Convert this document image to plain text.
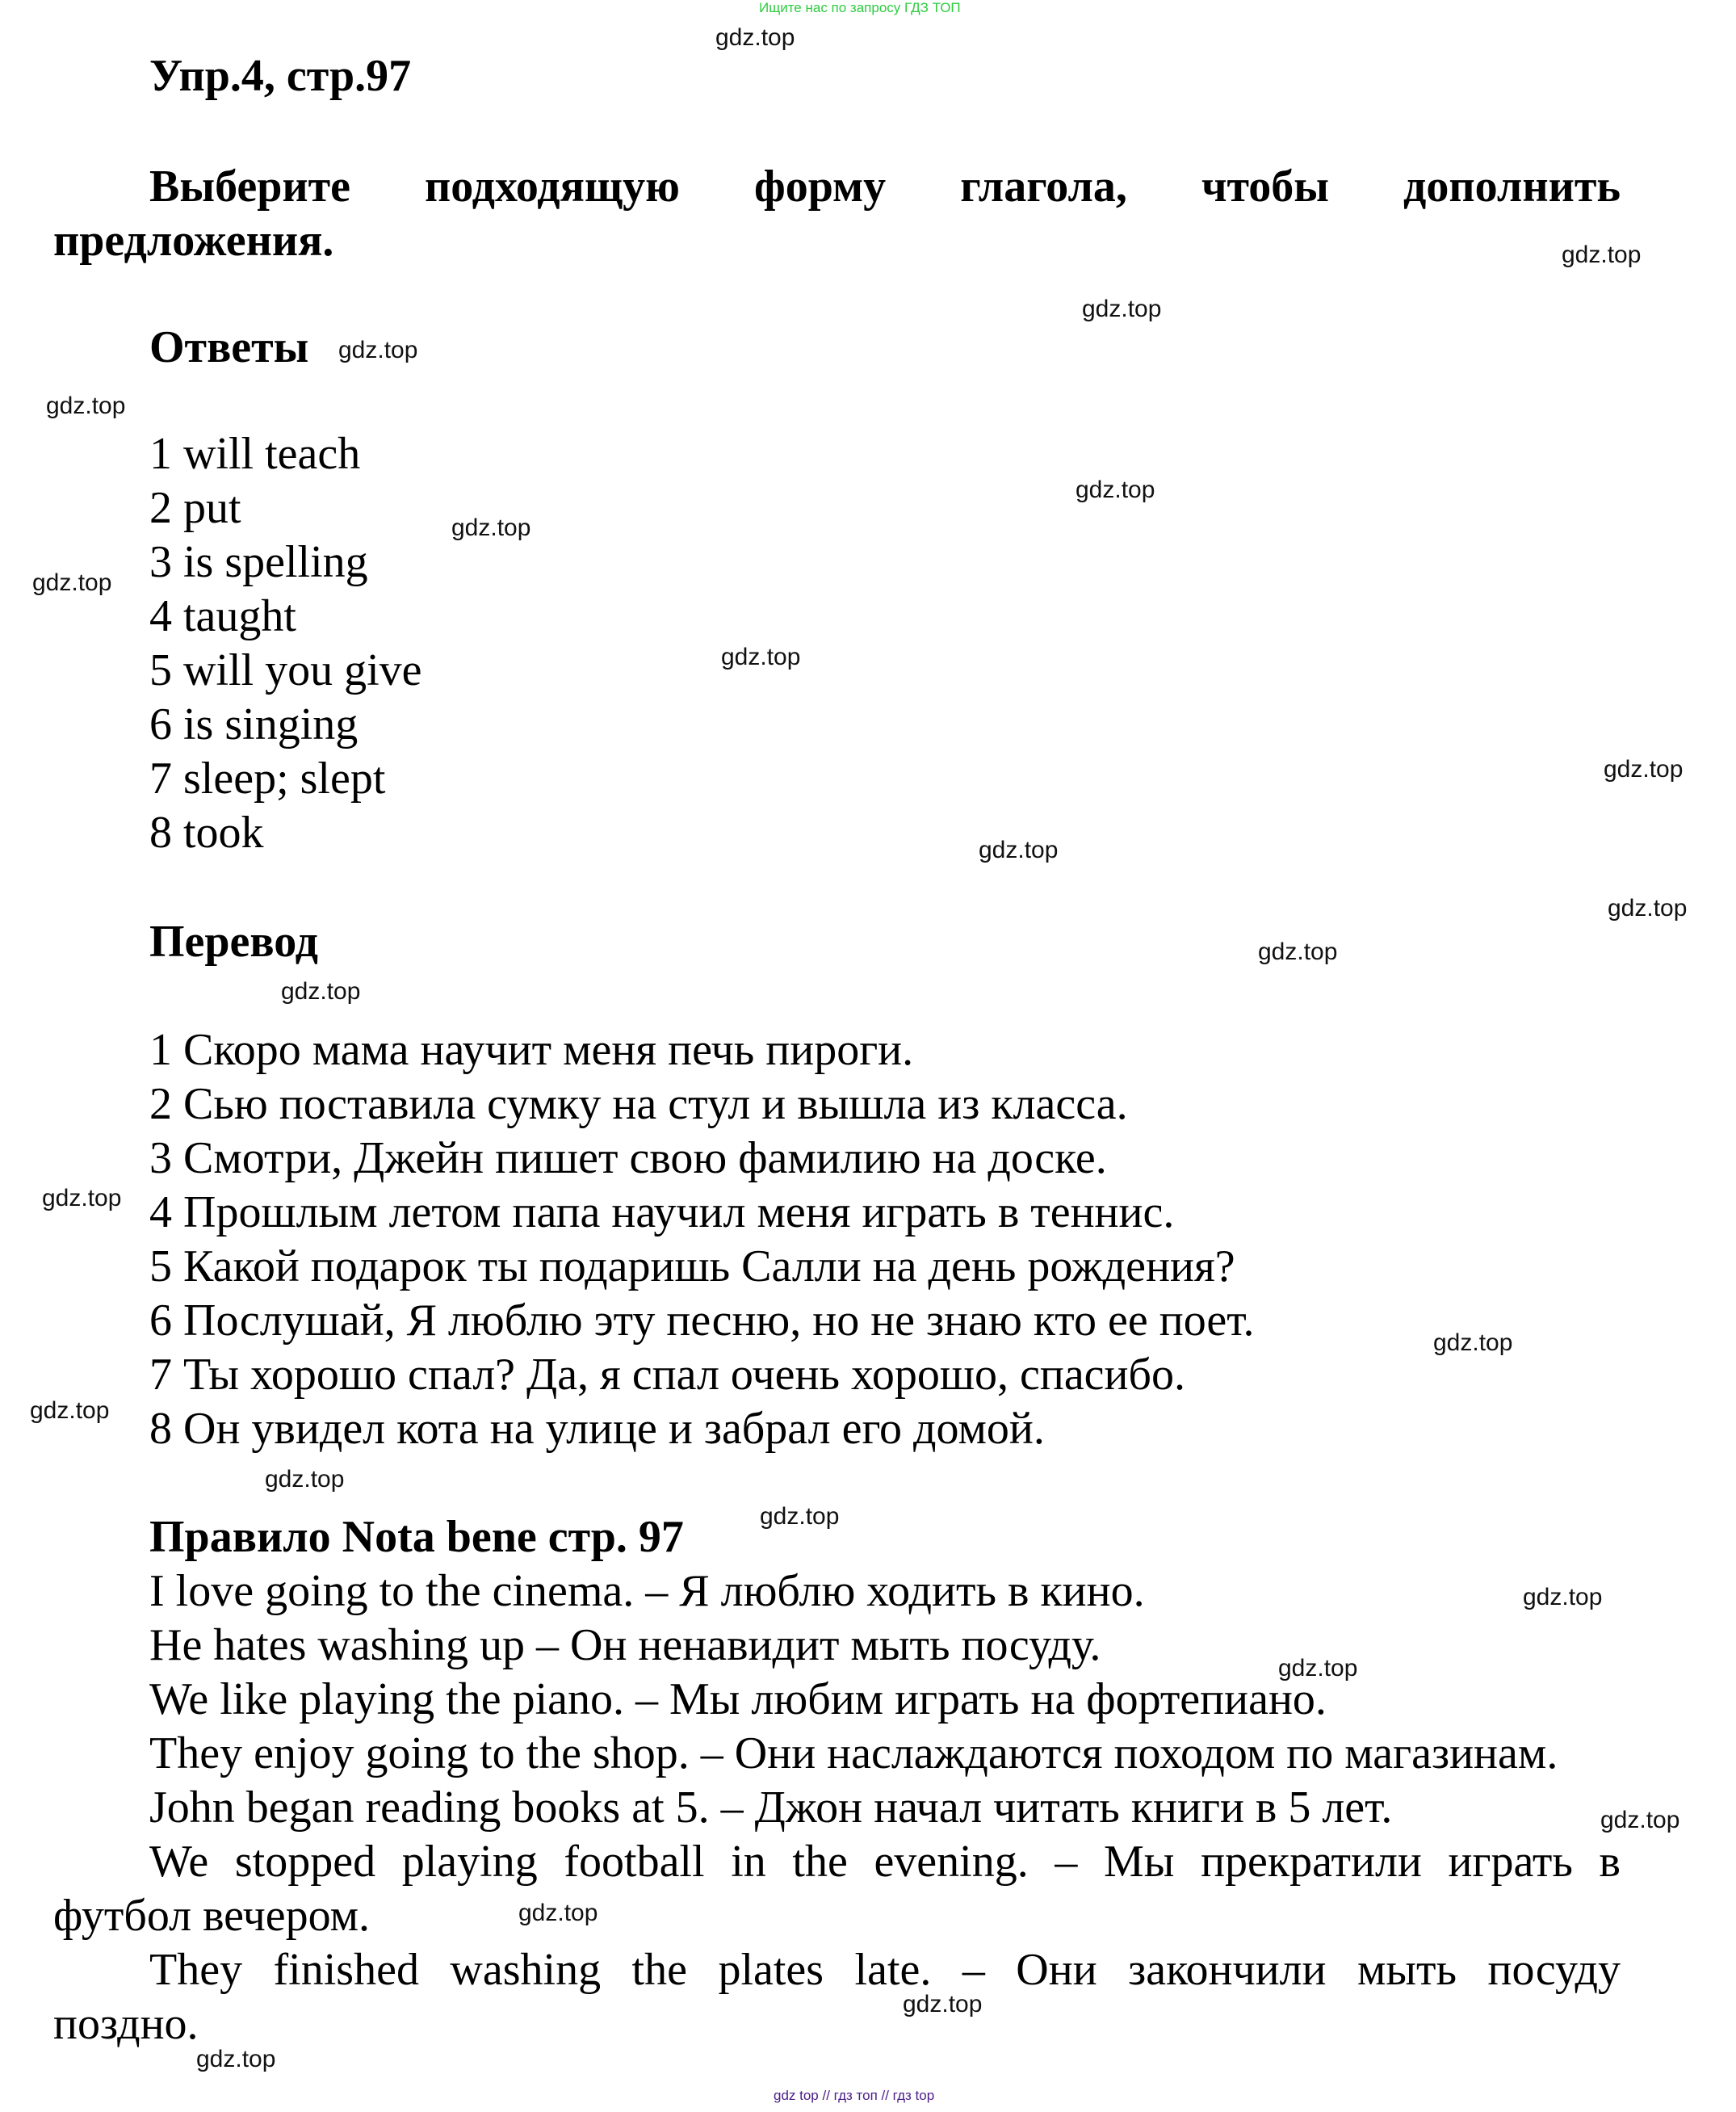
Ищите нас по запросу ГДЗ ТОП
gdz top // гдз топ // гдз top
Упр.4, стр.97
Выберите подходящую форму глагола, чтобы дополнить
предложения.
Ответы
1 will teach
2 put
3 is spelling
4 taught
5 will you give
6 is singing
7 sleep; slept
8 took
Перевод
1 Скоро мама научит меня печь пироги.
2 Сью поставила сумку на стул и вышла из класса.
3 Смотри, Джейн пишет свою фамилию на доске.
4 Прошлым летом папа научил меня играть в теннис.
5 Какой подарок ты подаришь Салли на день рождения?
6 Послушай, Я люблю эту песню, но не знаю кто ее поет.
7 Ты хорошо спал? Да, я спал очень хорошо, спасибо.
8 Он увидел кота на улице и забрал его домой.
Правило Nota bene стр. 97
I love going to the cinema. – Я люблю ходить в кино.
He hates washing up – Он ненавидит мыть посуду.
We like playing the piano. – Мы любим играть на фортепиано.
They enjoy going to the shop. – Они наслаждаются походом по магазинам.
John began reading books at 5. – Джон начал читать книги в 5 лет.
We stopped playing football in the evening. – Мы прекратили играть в
футбол вечером.
They finished washing the plates late. – Они закончили мыть посуду
поздно.
gdz.top
gdz.top
gdz.top
gdz.top
gdz.top
gdz.top
gdz.top
gdz.top
gdz.top
gdz.top
gdz.top
gdz.top
gdz.top
gdz.top
gdz.top
gdz.top
gdz.top
gdz.top
gdz.top
gdz.top
gdz.top
gdz.top
gdz.top
gdz.top
gdz.top
